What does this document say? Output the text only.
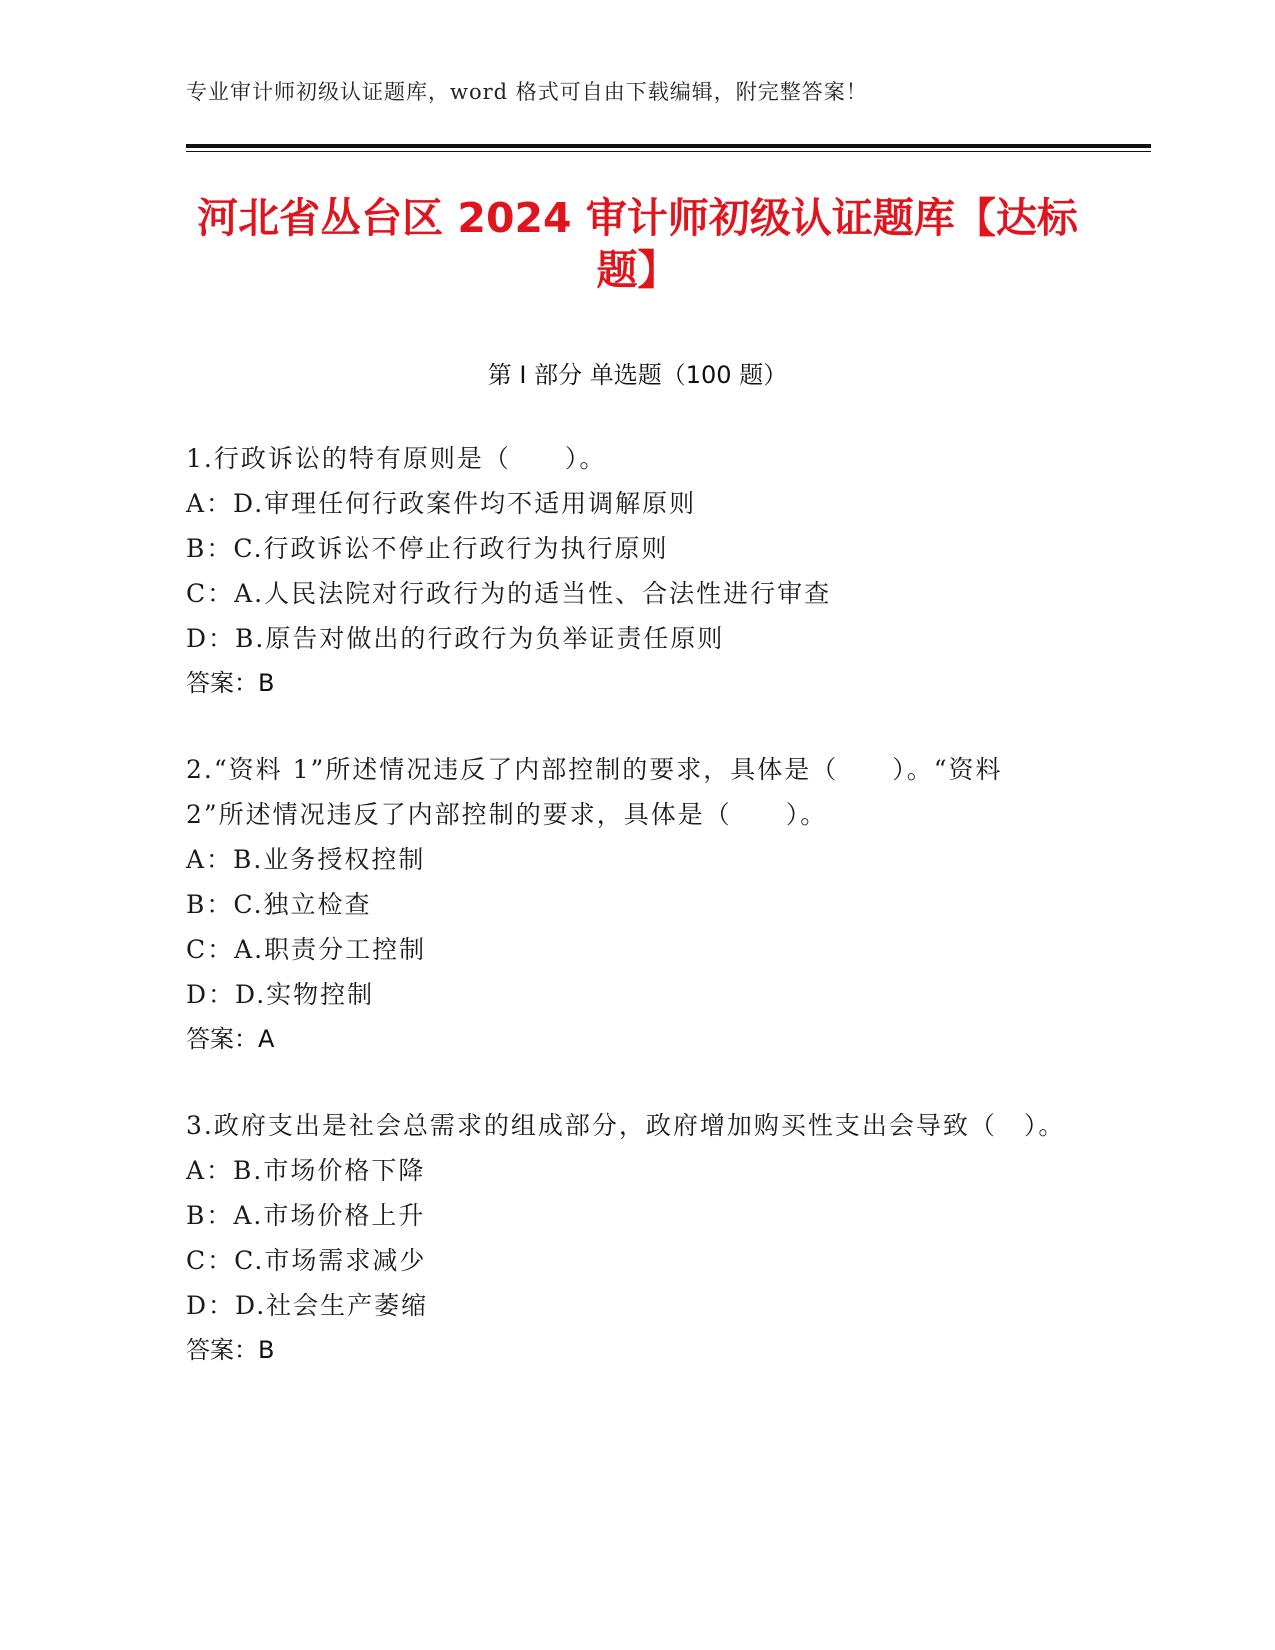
专业审计师初级认证题库，word 格式可自由下载编辑，附完整答案！
河北省丛台区 2024 审计师初级认证题库【达标题】
第 I 部分 单选题（100 题）
1.行政诉讼的特有原则是（　　）。
A：D.审理任何行政案件均不适用调解原则
B：C.行政诉讼不停止行政行为执行原则
C：A.人民法院对行政行为的适当性、合法性进行审查
D：B.原告对做出的行政行为负举证责任原则
答案：B
2.“资料 1”所述情况违反了内部控制的要求，具体是（　　）。“资料 2”所述情况违反了内部控制的要求，具体是（　　）。
A：B.业务授权控制
B：C.独立检查
C：A.职责分工控制
D：D.实物控制
答案：A
3.政府支出是社会总需求的组成部分，政府增加购买性支出会导致（　）。
A：B.市场价格下降
B：A.市场价格上升
C：C.市场需求减少
D：D.社会生产萎缩
答案：B
